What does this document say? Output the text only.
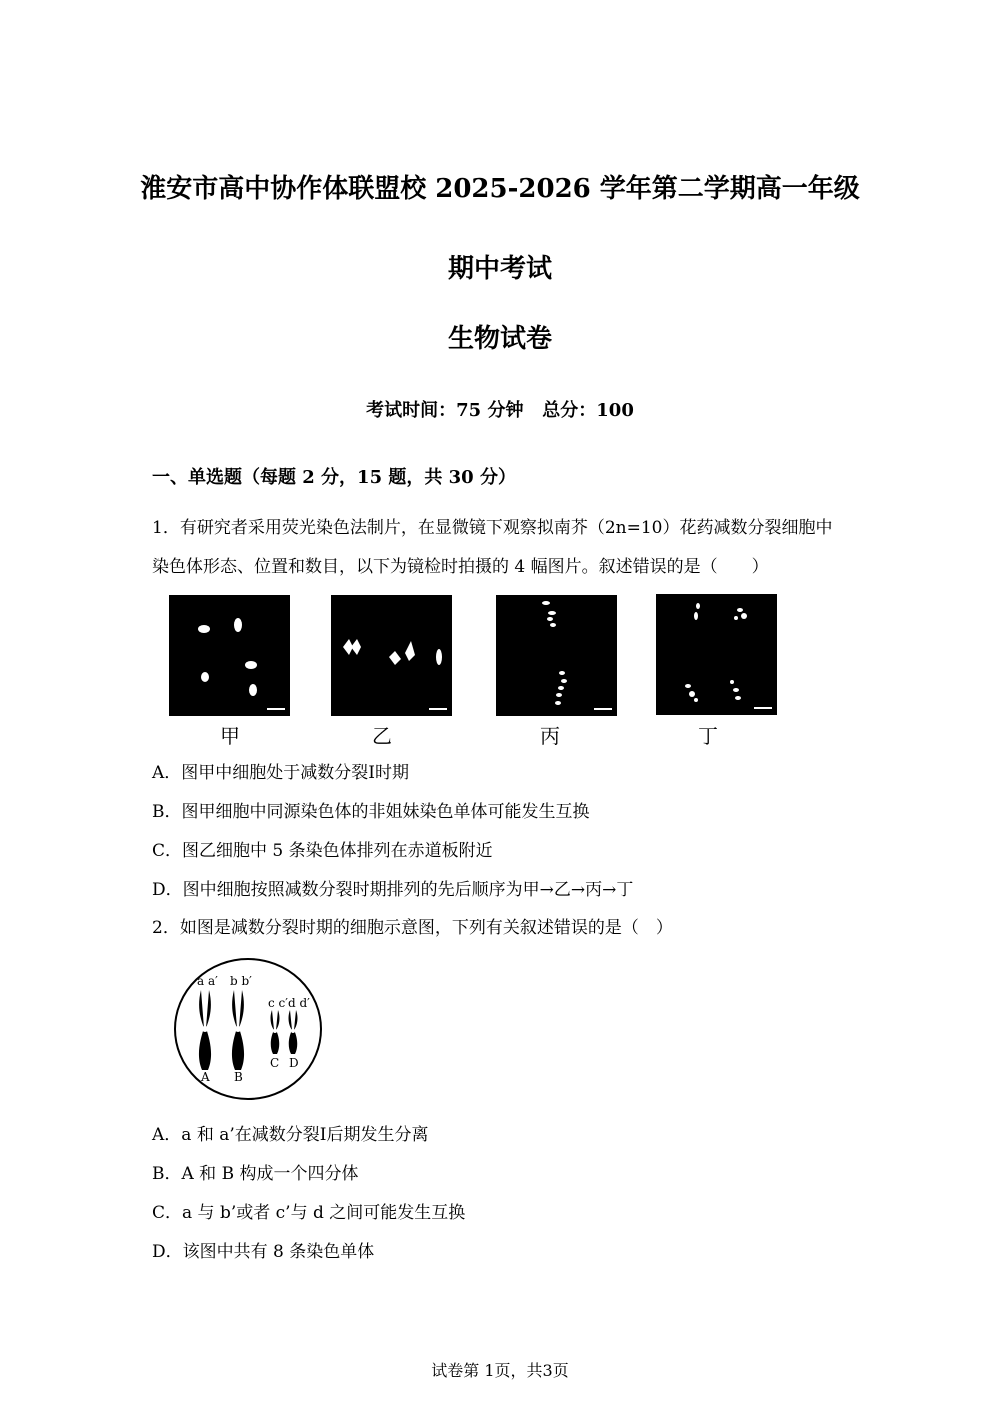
淮安市高中协作体联盟校 2025-2026 学年第二学期高一年级
期中考试
生物试卷
考试时间：75 分钟   总分：100
一、单选题（每题 2 分，15 题，共 30 分）
1．有研究者采用荧光染色法制片，在显微镜下观察拟南芥（2n=10）花药减数分裂细胞中
染色体形态、位置和数目，以下为镜检时拍摄的 4 幅图片。叙述错误的是（　　）
甲	乙	丙	丁
A．图甲中细胞处于减数分裂Ⅰ时期
B．图甲细胞中同源染色体的非姐妹染色单体可能发生互换
C．图乙细胞中 5 条染色体排列在赤道板附近
D．图中细胞按照减数分裂时期排列的先后顺序为甲→乙→丙→丁
2．如图是减数分裂时期的细胞示意图，下列有关叙述错误的是（　）
a a′ b b′
c c′d d′
A B
C D
A．a 和 a’在减数分裂Ⅰ后期发生分离
B．A 和 B 构成一个四分体
C．a 与 b’或者 c’与 d 之间可能发生互换
D．该图中共有 8 条染色单体
试卷第 1页，共3页
